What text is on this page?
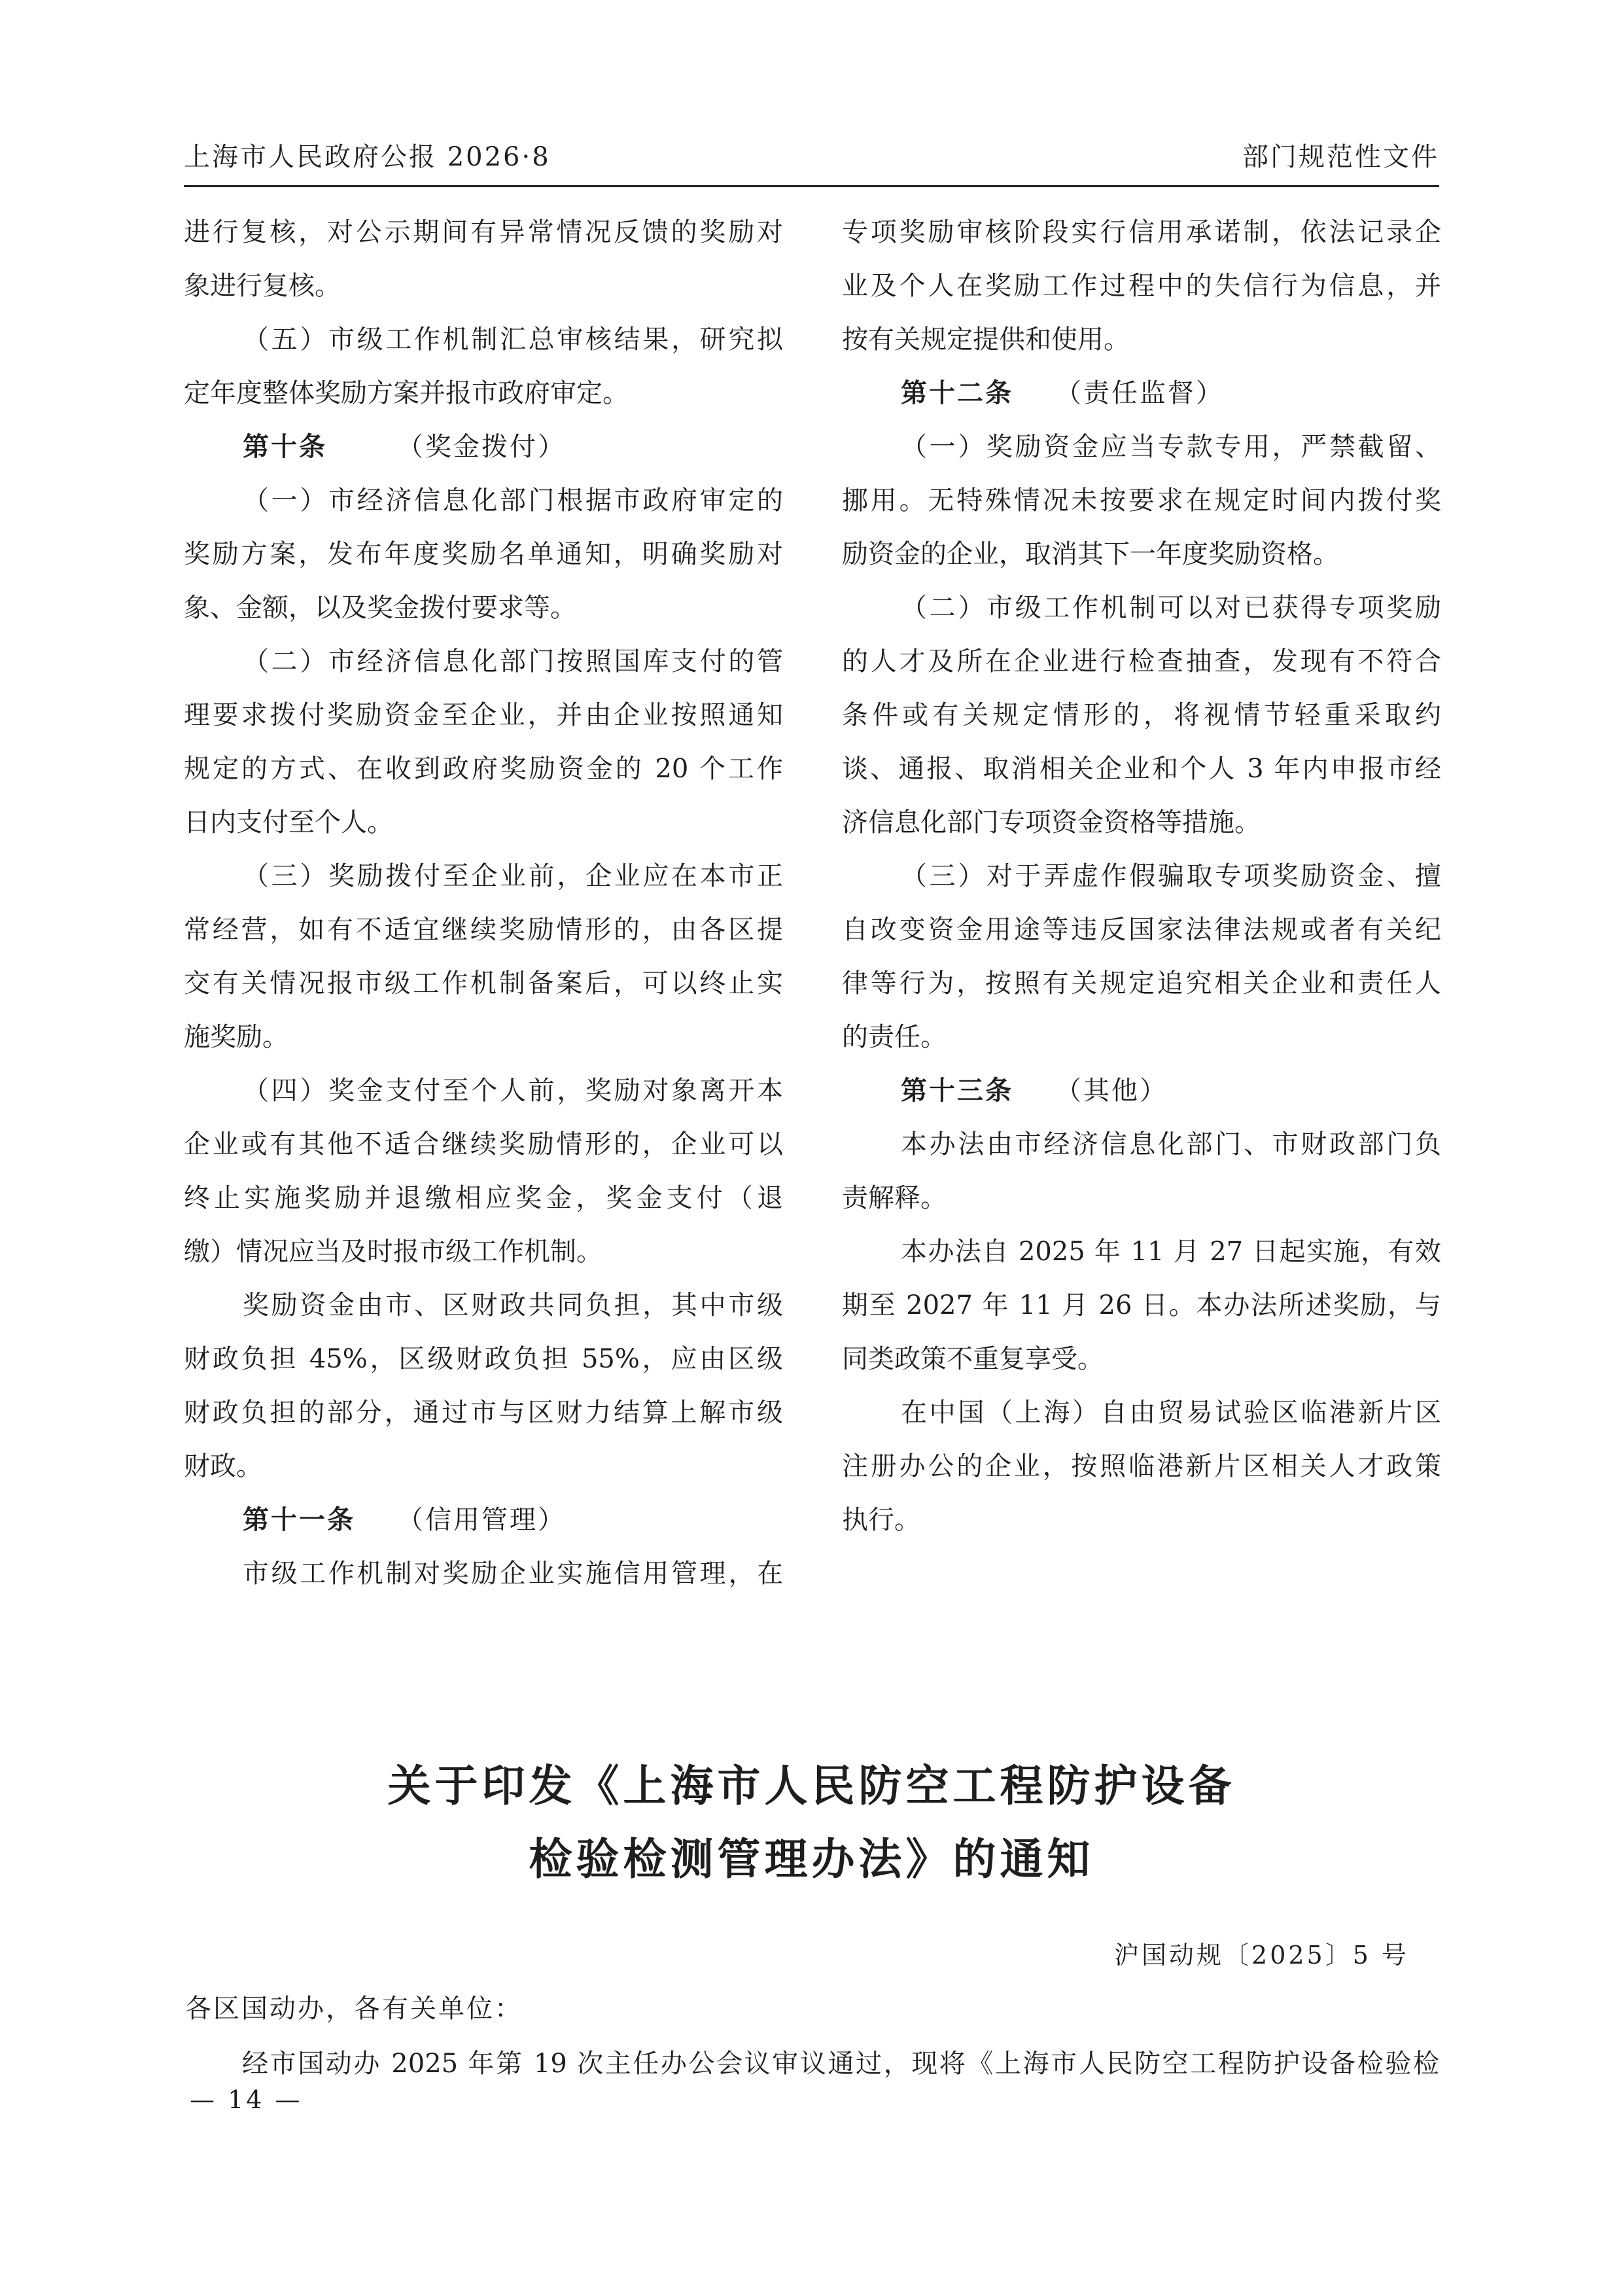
上海市人民政府公报 2026·8	部门规范性文件
进行复核，对公示期间有异常情况反馈的奖励对
象进行复核。
（五）市级工作机制汇总审核结果，研究拟
定年度整体奖励方案并报市政府审定。
第十条	（奖金拨付）
（一）市经济信息化部门根据市政府审定的
奖励方案，发布年度奖励名单通知，明确奖励对
象、金额，以及奖金拨付要求等。
（二）市经济信息化部门按照国库支付的管
理要求拨付奖励资金至企业，并由企业按照通知
规定的方式、在收到政府奖励资金的 20 个工作
日内支付至个人。
（三）奖励拨付至企业前，企业应在本市正
常经营，如有不适宜继续奖励情形的，由各区提
交有关情况报市级工作机制备案后，可以终止实
施奖励。
（四）奖金支付至个人前，奖励对象离开本
企业或有其他不适合继续奖励情形的，企业可以
终止实施奖励并退缴相应奖金，奖金支付（退
缴）情况应当及时报市级工作机制。
奖励资金由市、区财政共同负担，其中市级
财政负担 45%，区级财政负担 55%，应由区级
财政负担的部分，通过市与区财力结算上解市级
财政。
第十一条 （信用管理）
市级工作机制对奖励企业实施信用管理，在
专项奖励审核阶段实行信用承诺制，依法记录企
业及个人在奖励工作过程中的失信行为信息，并
按有关规定提供和使用。
第十二条 （责任监督）
（一）奖励资金应当专款专用，严禁截留、
挪用。无特殊情况未按要求在规定时间内拨付奖
励资金的企业，取消其下一年度奖励资格。
（二）市级工作机制可以对已获得专项奖励
的人才及所在企业进行检查抽查，发现有不符合
条件或有关规定情形的，将视情节轻重采取约
谈、通报、取消相关企业和个人 3 年内申报市经
济信息化部门专项资金资格等措施。
（三）对于弄虚作假骗取专项奖励资金、擅
自改变资金用途等违反国家法律法规或者有关纪
律等行为，按照有关规定追究相关企业和责任人
的责任。
第十三条 （其他）
本办法由市经济信息化部门、市财政部门负
责解释。
本办法自 2025 年 11 月 27 日起实施，有效
期至 2027 年 11 月 26 日。本办法所述奖励，与
同类政策不重复享受。
在中国（上海）自由贸易试验区临港新片区
注册办公的企业，按照临港新片区相关人才政策
执行。
关于印发《上海市人民防空工程防护设备
检验检测管理办法》的通知
沪国动规〔2025〕5 号
各区国动办，各有关单位：
经市国动办 2025 年第 19 次主任办公会议审议通过，现将《上海市人民防空工程防护设备检验检
— 14 —
